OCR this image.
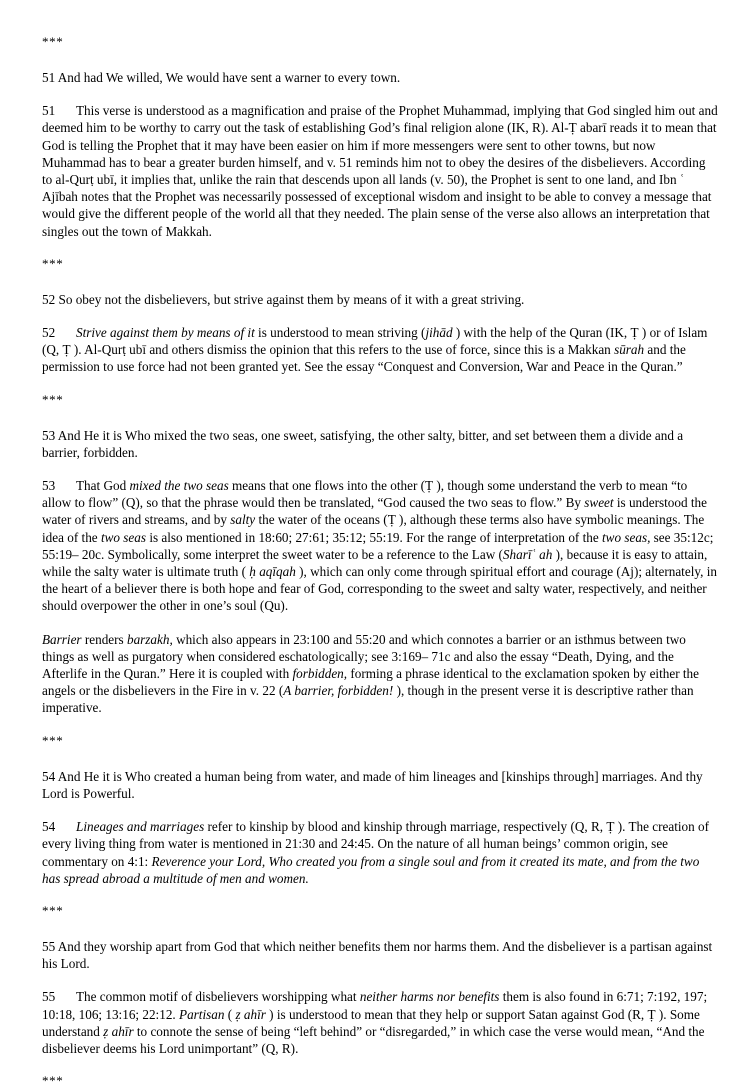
***

51 And had We willed, We would have sent a warner to every town.

51 This verse is understood as a magnification and praise of the Prophet Muhammad, implying that God singled him out and deemed him to be worthy to carry out the task of establishing God’s final religion alone (IK, R). Al-Ṭ abarī reads it to mean that God is telling the Prophet that it may have been easier on him if more messengers were sent to other towns, but now Muhammad has to bear a greater burden himself, and v. 51 reminds him not to obey the desires of the disbelievers. According to al-Qurṭ ubī, it implies that, unlike the rain that descends upon all lands (v. 50), the Prophet is sent to one land, and Ibn ʿ Ajībah notes that the Prophet was necessarily possessed of exceptional wisdom and insight to be able to convey a message that would give the different people of the world all that they needed. The plain sense of the verse also allows an interpretation that singles out the town of Makkah.

***

52 So obey not the disbelievers, but strive against them by means of it with a great striving.

52 Strive against them by means of it is understood to mean striving (jihād ) with the help of the Quran (IK, Ṭ ) or of Islam (Q, Ṭ ). Al-Qurṭ ubī and others dismiss the opinion that this refers to the use of force, since this is a Makkan sūrah and the permission to use force had not been granted yet. See the essay “Conquest and Conversion, War and Peace in the Quran.”

***

53 And He it is Who mixed the two seas, one sweet, satisfying, the other salty, bitter, and set between them a divide and a barrier, forbidden.

53 That God mixed the two seas means that one flows into the other (Ṭ ), though some understand the verb to mean “to allow to flow” (Q), so that the phrase would then be translated, “God caused the two seas to flow.” By sweet is understood the water of rivers and streams, and by salty the water of the oceans (Ṭ ), although these terms also have symbolic meanings. The idea of the two seas is also mentioned in 18:60; 27:61; 35:12; 55:19. For the range of interpretation of the two seas, see 35:12c; 55:19– 20c. Symbolically, some interpret the sweet water to be a reference to the Law (Sharīʿ ah ), because it is easy to attain, while the salty water is ultimate truth ( ḥ aqīqah ), which can only come through spiritual effort and courage (Aj); alternately, in the heart of a believer there is both hope and fear of God, corresponding to the sweet and salty water, respectively, and neither should overpower the other in one’s soul (Qu).

Barrier renders barzakh, which also appears in 23:100 and 55:20 and which connotes a barrier or an isthmus between two things as well as purgatory when considered eschatologically; see 3:169– 71c and also the essay “Death, Dying, and the Afterlife in the Quran.” Here it is coupled with forbidden, forming a phrase identical to the exclamation spoken by either the angels or the disbelievers in the Fire in v. 22 (A barrier, forbidden! ), though in the present verse it is descriptive rather than imperative.

***

54 And He it is Who created a human being from water, and made of him lineages and [kinships through] marriages. And thy Lord is Powerful.

54 Lineages and marriages refer to kinship by blood and kinship through marriage, respectively (Q, R, Ṭ ). The creation of every living thing from water is mentioned in 21:30 and 24:45. On the nature of all human beings’ common origin, see commentary on 4:1: Reverence your Lord, Who created you from a single soul and from it created its mate, and from the two has spread abroad a multitude of men and women.

***

55 And they worship apart from God that which neither benefits them nor harms them. And the disbeliever is a partisan against his Lord.

55 The common motif of disbelievers worshipping what neither harms nor benefits them is also found in 6:71; 7:192, 197; 10:18, 106; 13:16; 22:12. Partisan ( ẓ ahīr ) is understood to mean that they help or support Satan against God (R, Ṭ ). Some understand ẓ ahīr to connote the sense of being “left behind” or “disregarded,” in which case the verse would mean, “And the disbeliever deems his Lord unimportant” (Q, R).

***
